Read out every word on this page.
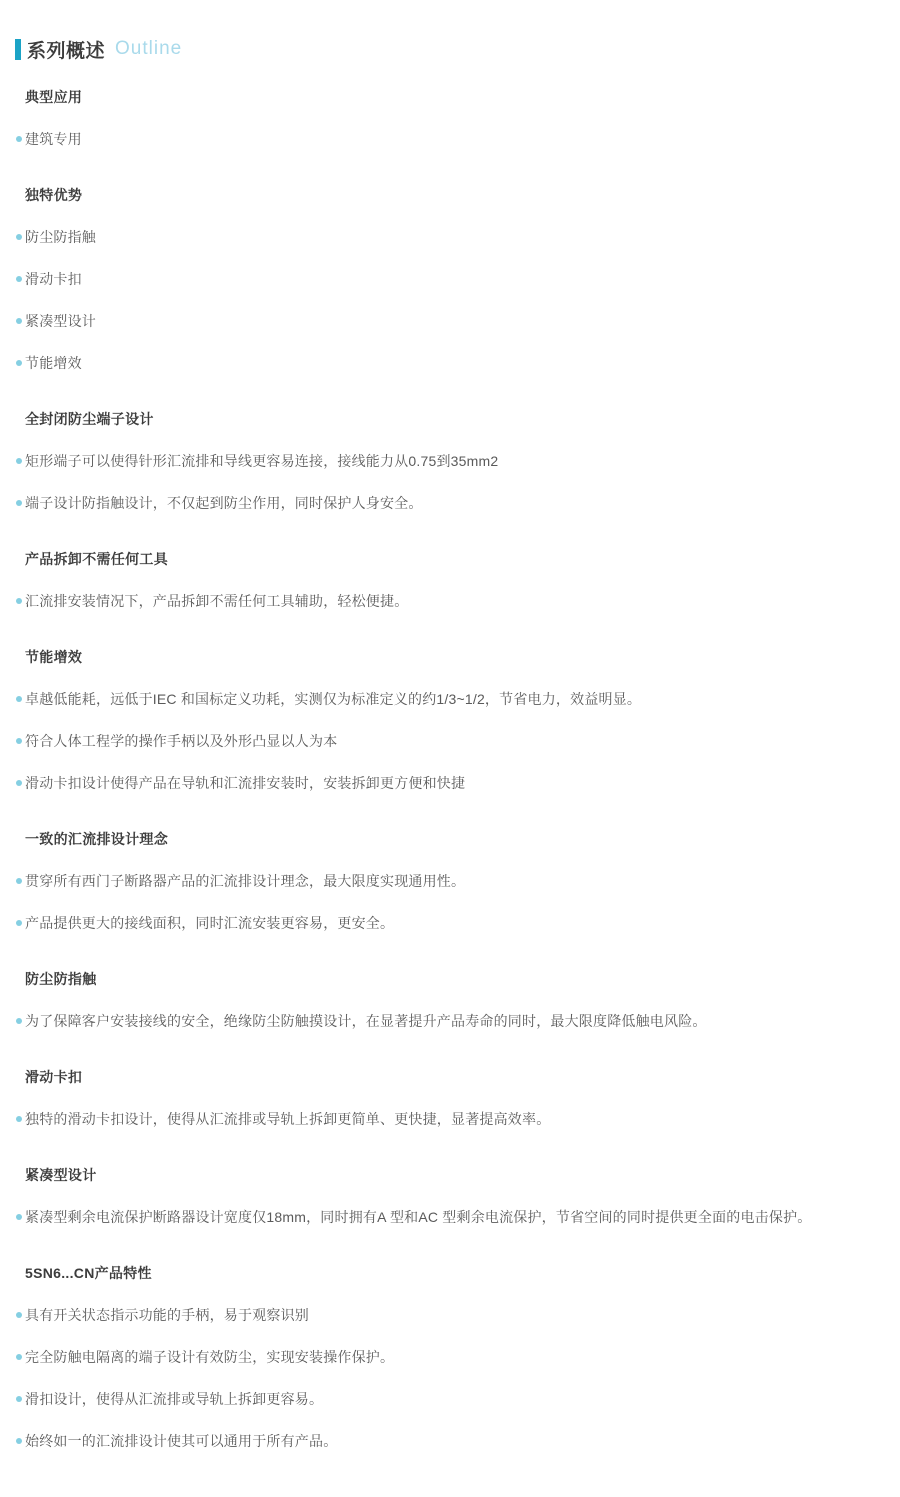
系列概述 Outline
典型应用
建筑专用
独特优势
防尘防指触
滑动卡扣
紧凑型设计
节能增效
全封闭防尘端子设计
矩形端子可以使得针形汇流排和导线更容易连接，接线能力从0.75到35mm2
端子设计防指触设计，不仅起到防尘作用，同时保护人身安全。
产品拆卸不需任何工具
汇流排安装情况下，产品拆卸不需任何工具辅助，轻松便捷。
节能增效
卓越低能耗，远低于IEC 和国标定义功耗，实测仅为标准定义的约1/3~1/2，节省电力，效益明显。
符合人体工程学的操作手柄以及外形凸显以人为本
滑动卡扣设计使得产品在导轨和汇流排安装时，安装拆卸更方便和快捷
一致的汇流排设计理念
贯穿所有西门子断路器产品的汇流排设计理念，最大限度实现通用性。
产品提供更大的接线面积，同时汇流安装更容易，更安全。
防尘防指触
为了保障客户安装接线的安全，绝缘防尘防触摸设计，在显著提升产品寿命的同时，最大限度降低触电风险。
滑动卡扣
独特的滑动卡扣设计，使得从汇流排或导轨上拆卸更简单、更快捷，显著提高效率。
紧凑型设计
紧凑型剩余电流保护断路器设计宽度仅18mm，同时拥有A 型和AC 型剩余电流保护，节省空间的同时提供更全面的电击保护。
5SN6...CN产品特性
具有开关状态指示功能的手柄，易于观察识别
完全防触电隔离的端子设计有效防尘，实现安装操作保护。
滑扣设计，使得从汇流排或导轨上拆卸更容易。
始终如一的汇流排设计使其可以通用于所有产品。
